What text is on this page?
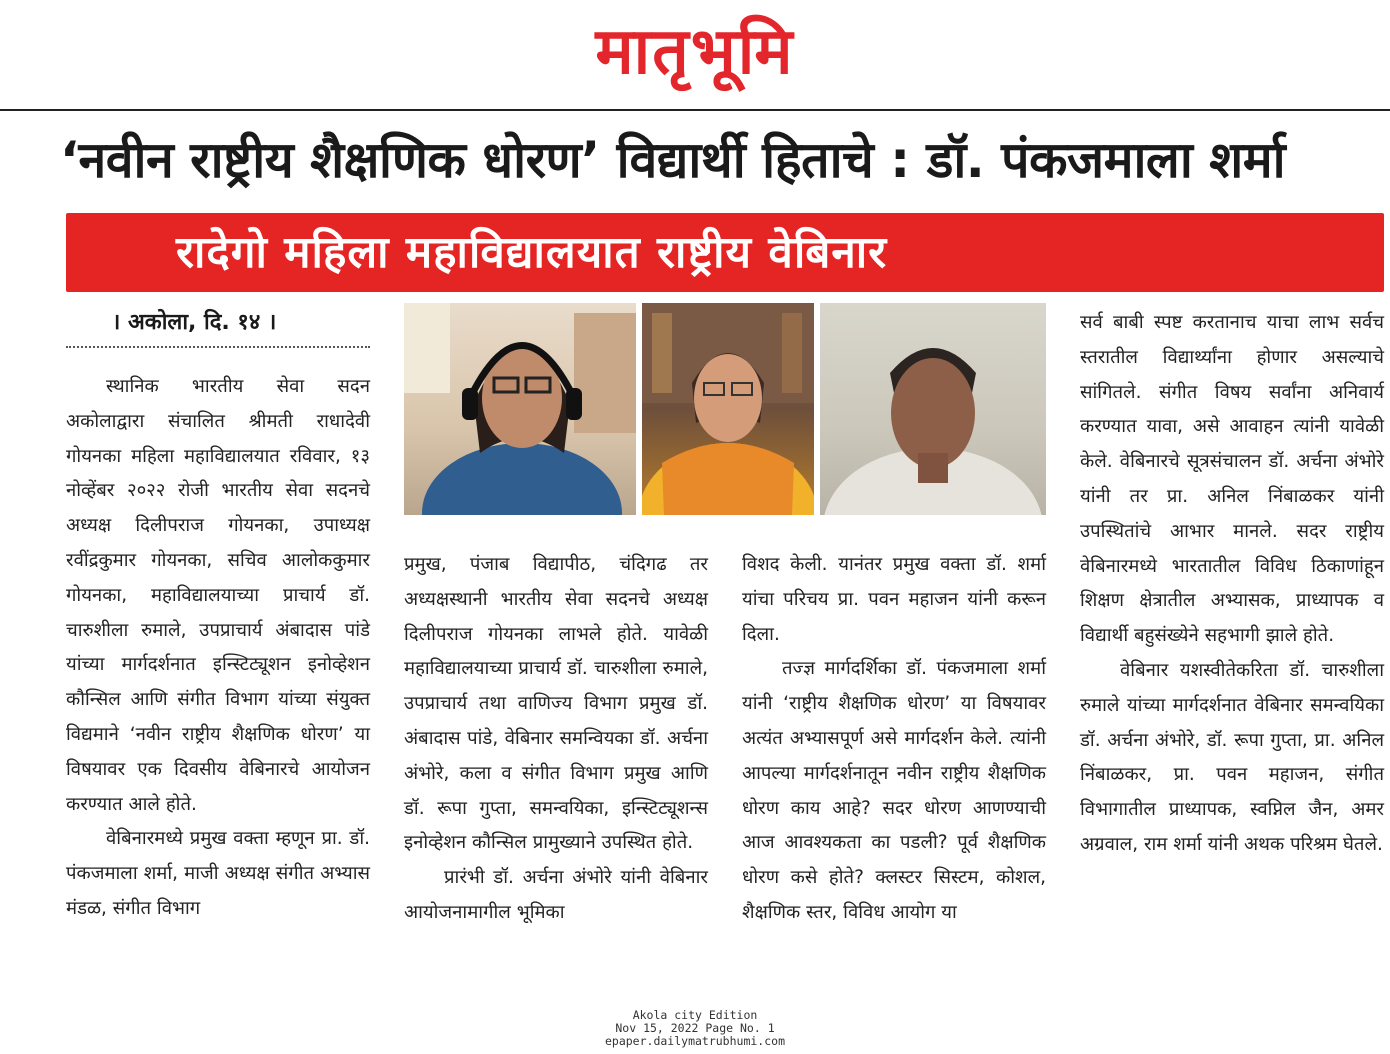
मातृभूमि
‘नवीन राष्ट्रीय शैक्षणिक धोरण’ विद्यार्थी हिताचे : डॉ. पंकजमाला शर्मा
रादेगो महिला महाविद्यालयात राष्ट्रीय वेबिनार
। अकोला, दि. १४ ।

स्थानिक भारतीय सेवा सदन अकोलाद्वारा संचालित श्रीमती राधादेवी गोयनका महिला महाविद्यालयात रविवार, १३ नोव्हेंबर २०२२ रोजी भारतीय सेवा सदनचे अध्यक्ष दिलीपराज गोयनका, उपाध्यक्ष रवींद्रकुमार गोयनका, सचिव आलोककुमार गोयनका, महाविद्यालयाच्या प्राचार्य डॉ. चारुशीला रुमाले, उपप्राचार्य अंबादास पांडे यांच्या मार्गदर्शनात इन्स्टिट्यूशन इनोव्हेशन कौन्सिल आणि संगीत विभाग यांच्या संयुक्त विद्यमाने ‘नवीन राष्ट्रीय शैक्षणिक धोरण’ या विषयावर एक दिवसीय वेबिनारचे आयोजन करण्यात आले होते.

वेबिनारमध्ये प्रमुख वक्ता म्हणून प्रा. डॉ. पंकजमाला शर्मा, माजी अध्यक्ष संगीत अभ्यास मंडळ, संगीत विभाग

प्रमुख, पंजाब विद्यापीठ, चंदिगढ तर अध्यक्षस्थानी भारतीय सेवा सदनचे अध्यक्ष दिलीपराज गोयनका लाभले होते. यावेळी महाविद्यालयाच्या प्राचार्य डॉ. चारुशीला रुमाले, उपप्राचार्य तथा वाणिज्य विभाग प्रमुख डॉ. अंबादास पांडे, वेबिनार समन्वियका डॉ. अर्चना अंभोरे, कला व संगीत विभाग प्रमुख आणि डॉ. रूपा गुप्ता, समन्वयिका, इन्स्टिट्यूशन्स इनोव्हेशन कौन्सिल प्रामुख्याने उपस्थित होते.

प्रारंभी डॉ. अर्चना अंभोरे यांनी वेबिनार आयोजनामागील भूमिका

विशद केली. यानंतर प्रमुख वक्ता डॉ. शर्मा यांचा परिचय प्रा. पवन महाजन यांनी करून दिला.

तज्ज्ञ मार्गदर्शिका डॉ. पंकजमाला शर्मा यांनी ‘राष्ट्रीय शैक्षणिक धोरण’ या विषयावर अत्यंत अभ्यासपूर्ण असे मार्गदर्शन केले. त्यांनी आपल्या मार्गदर्शनातून नवीन राष्ट्रीय शैक्षणिक धोरण काय आहे? सदर धोरण आणण्याची आज आवश्यकता का पडली? पूर्व शैक्षणिक धोरण कसे होते? क्लस्टर सिस्टम, कोशल, शैक्षणिक स्तर, विविध आयोग या

सर्व बाबी स्पष्ट करतानाच याचा लाभ सर्वच स्तरातील विद्यार्थ्यांना होणार असल्याचे सांगितले. संगीत विषय सर्वांना अनिवार्य करण्यात यावा, असे आवाहन त्यांनी यावेळी केले. वेबिनारचे सूत्रसंचालन डॉ. अर्चना अंभोरे यांनी तर प्रा. अनिल निंबाळकर यांनी उपस्थितांचे आभार मानले. सदर राष्ट्रीय वेबिनारमध्ये भारतातील विविध ठिकाणांहून शिक्षण क्षेत्रातील अभ्यासक, प्राध्यापक व विद्यार्थी बहुसंख्येने सहभागी झाले होते.

वेबिनार यशस्वीतेकरिता डॉ. चारुशीला रुमाले यांच्या मार्गदर्शनात वेबिनार समन्वयिका डॉ. अर्चना अंभोरे, डॉ. रूपा गुप्ता, प्रा. अनिल निंबाळकर, प्रा. पवन महाजन, संगीत विभागातील प्राध्यापक, स्वप्निल जैन, अमर अग्रवाल, राम शर्मा यांनी अथक परिश्रम घेतले.

Akola city Edition
Nov 15, 2022 Page No. 1
epaper.dailymatrubhumi.com
